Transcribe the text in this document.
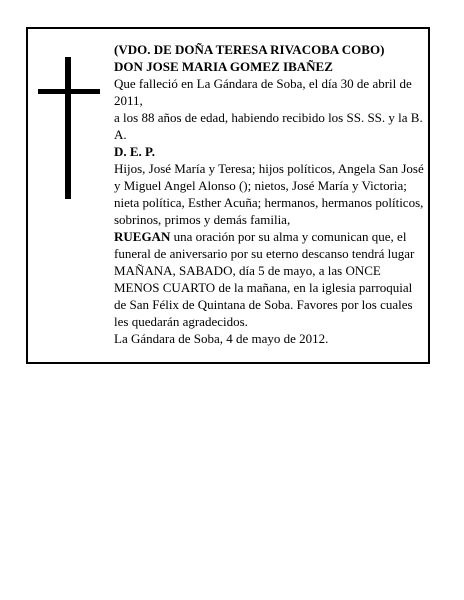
(VDO. DE DOÑA TERESA RIVACOBA COBO)

DON JOSE MARIA GOMEZ IBAÑEZ

Que falleció en La Gándara de Soba, el día 30 de abril de 2011,

a los 88 años de edad, habiendo recibido los SS. SS. y la B. A.

D. E. P.

Hijos, José María y Teresa; hijos políticos, Angela San José y Miguel Angel Alonso (); nietos, José María y Victoria; nieta política, Esther Acuña; hermanos, hermanos políticos, sobrinos, primos y demás familia,

RUEGAN una oración por su alma y comunican que, el funeral de aniversario por su eterno descanso tendrá lugar MAÑANA, SABADO, día 5 de mayo, a las ONCE MENOS CUARTO de la mañana, en la iglesia parroquial de San Félix de Quintana de Soba. Favores por los cuales les quedarán agradecidos.

La Gándara de Soba, 4 de mayo de 2012.
